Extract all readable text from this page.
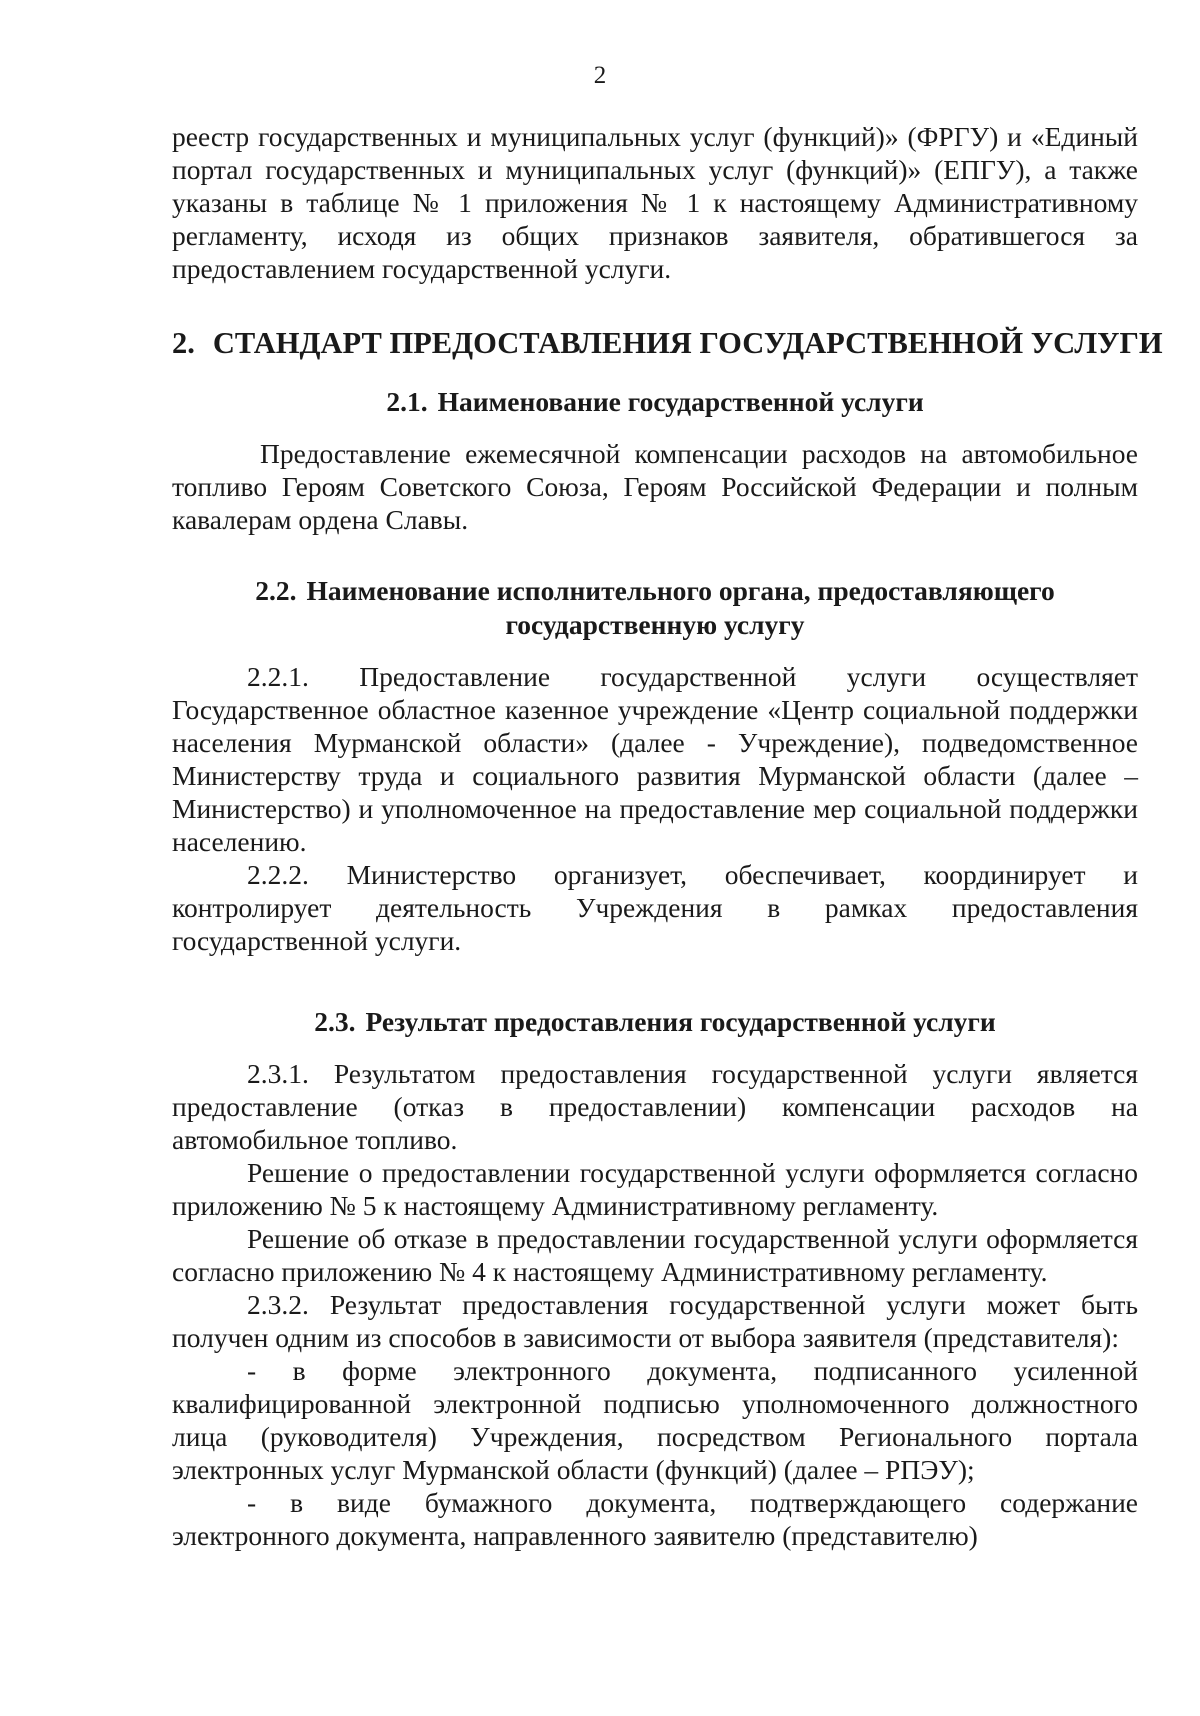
2

реестр государственных и муниципальных услуг (функций)» (ФРГУ) и «Единый портал государственных и муниципальных услуг (функций)» (ЕПГУ), а также указаны в таблице № 1 приложения № 1 к настоящему Административному регламенту, исходя из общих признаков заявителя, обратившегося за предоставлением государственной услуги.

2. СТАНДАРТ ПРЕДОСТАВЛЕНИЯ ГОСУДАРСТВЕННОЙ УСЛУГИ
2.1. Наименование государственной услуги

Предоставление ежемесячной компенсации расходов на автомобильное топливо Героям Советского Союза, Героям Российской Федерации и полным кавалерам ордена Славы.

2.2. Наименование исполнительного органа, предоставляющего
государственную услугу

2.2.1. Предоставление государственной услуги осуществляет Государственное областное казенное учреждение «Центр социальной поддержки населения Мурманской области» (далее - Учреждение), подведомственное Министерству труда и социального развития Мурманской области (далее – Министерство) и уполномоченное на предоставление мер социальной поддержки населению.

2.2.2. Министерство организует, обеспечивает, координирует и контролирует деятельность Учреждения в рамках предоставления государственной услуги.

2.3. Результат предоставления государственной услуги

2.3.1. Результатом предоставления государственной услуги является предоставление (отказ в предоставлении) компенсации расходов на автомобильное топливо.

Решение о предоставлении государственной услуги оформляется согласно приложению № 5 к настоящему Административному регламенту.

Решение об отказе в предоставлении государственной услуги оформляется согласно приложению № 4 к настоящему Административному регламенту.

2.3.2. Результат предоставления государственной услуги может быть получен одним из способов в зависимости от выбора заявителя (представителя):

- в форме электронного документа, подписанного усиленной квалифицированной электронной подписью уполномоченного должностного лица (руководителя) Учреждения, посредством Регионального портала электронных услуг Мурманской области (функций) (далее – РПЭУ);

- в виде бумажного документа, подтверждающего содержание электронного документа, направленного заявителю (представителю)
